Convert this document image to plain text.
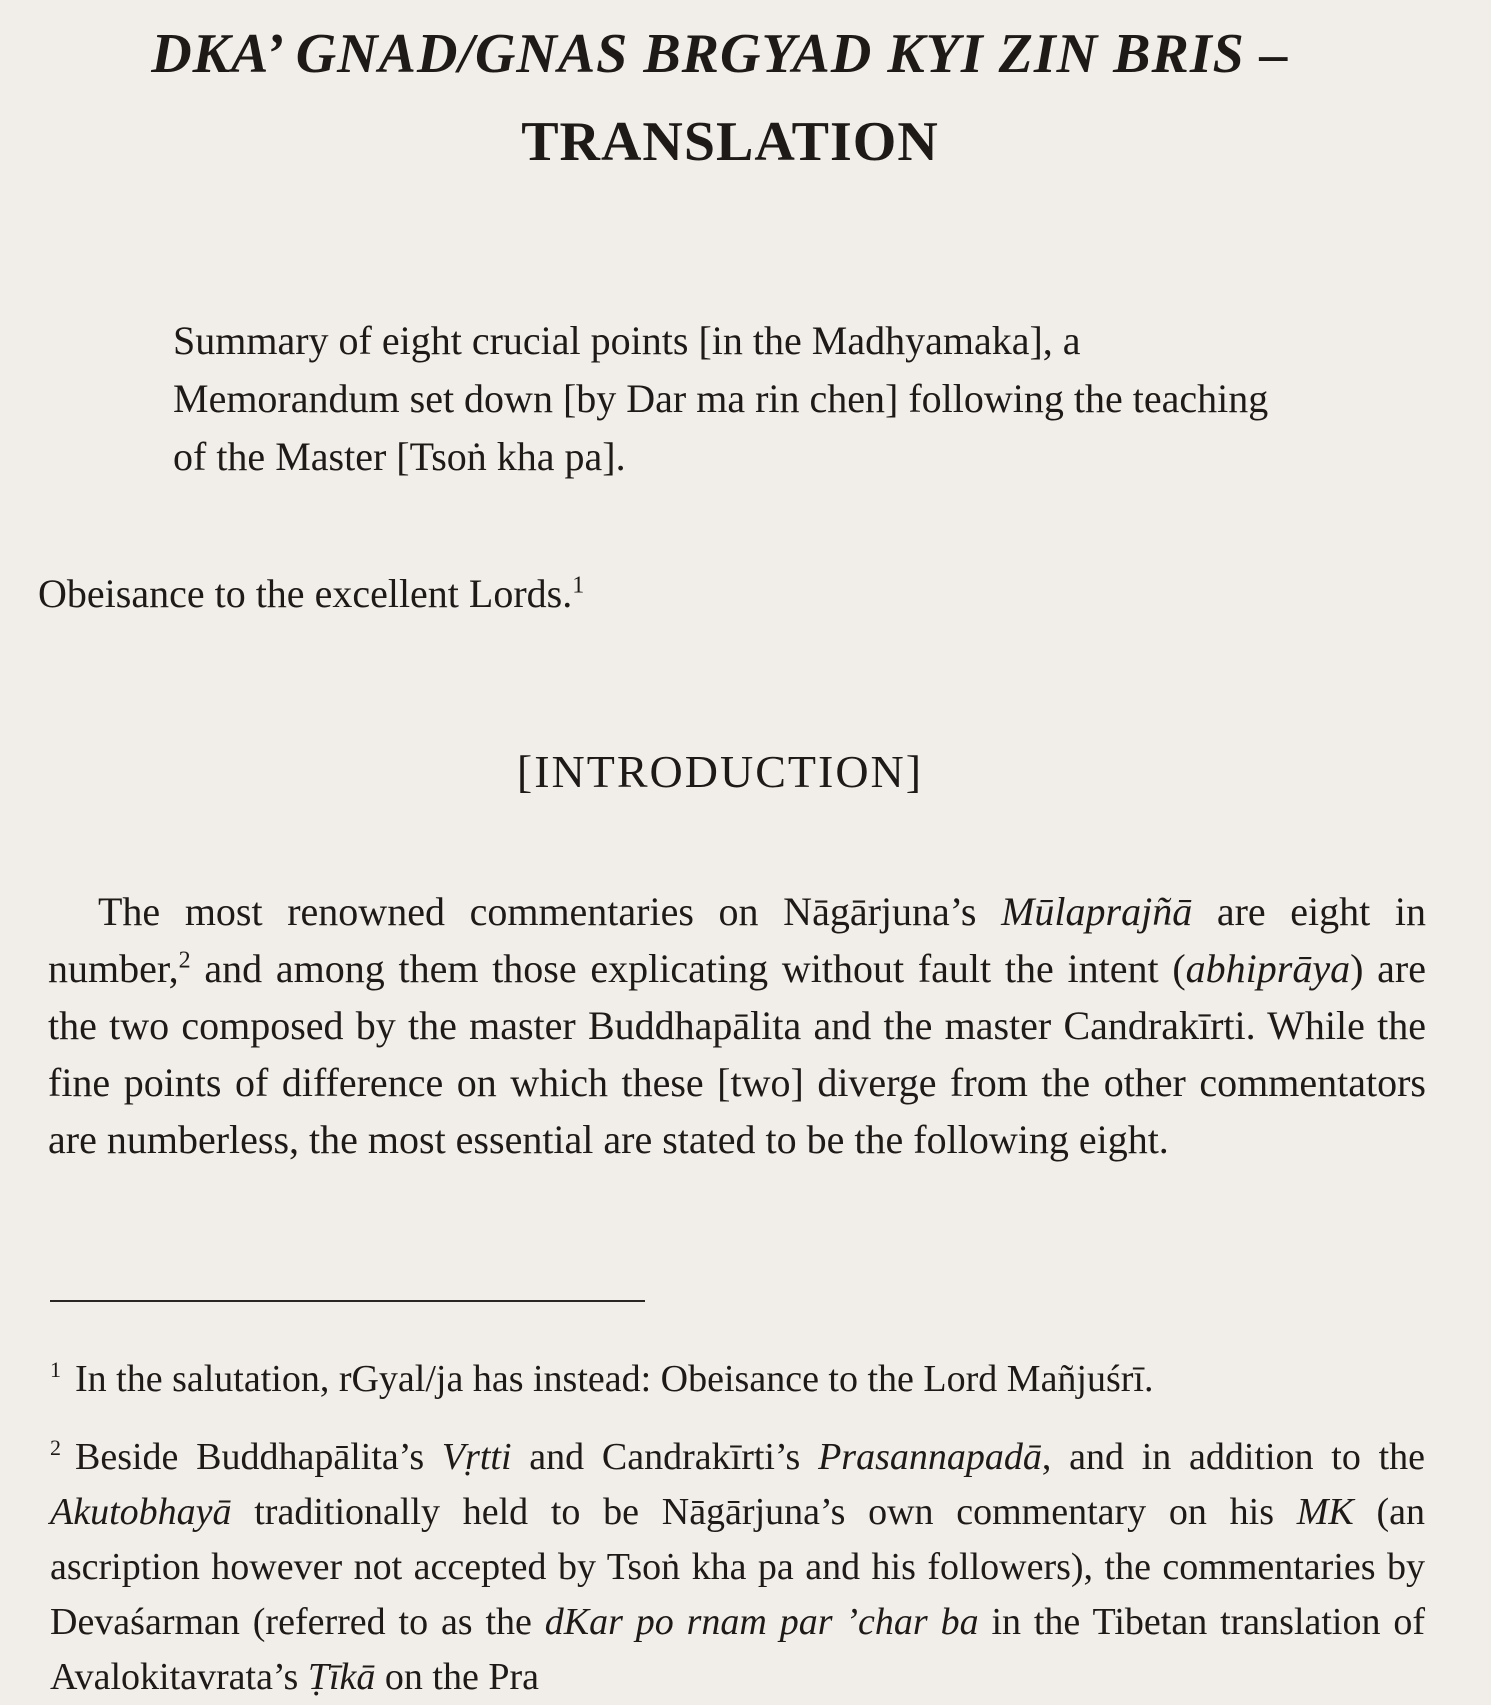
DKA’ GNAD/GNAS BRGYAD KYI ZIN BRIS –
TRANSLATION
Summary of eight crucial points [in the Madhyamaka], a Memorandum set down [by Dar ma rin chen] following the teaching of the Master [Tsoṅ kha pa].
Obeisance to the excellent Lords.$^1$
[INTRODUCTION]
The most renowned commentaries on Nāgārjuna’s Mūlaprajñā are eight in number,$^2$ and among them those explicating without fault the intent (abhiprāya) are the two composed by the master Buddhapālita and the master Candrakīrti. While the fine points of difference on which these [two] diverge from the other commentators are numberless, the most essential are stated to be the following eight.
$^1$ In the salutation, rGyal/ja has instead: Obeisance to the Lord Mañjuśrī.
$^2$ Beside Buddhapālita’s Vṛtti and Candrakīrti’s Prasannapadā, and in addition to the Akutobhayā traditionally held to be Nāgārjuna’s own commentary on his MK (an ascription however not accepted by Tsoṅ kha pa and his followers), the commentaries by Devaśarman (referred to as the dKar po rnam par ’char ba in the Tibetan translation of Avalokitavrata’s Ṭīkā on the Pra
